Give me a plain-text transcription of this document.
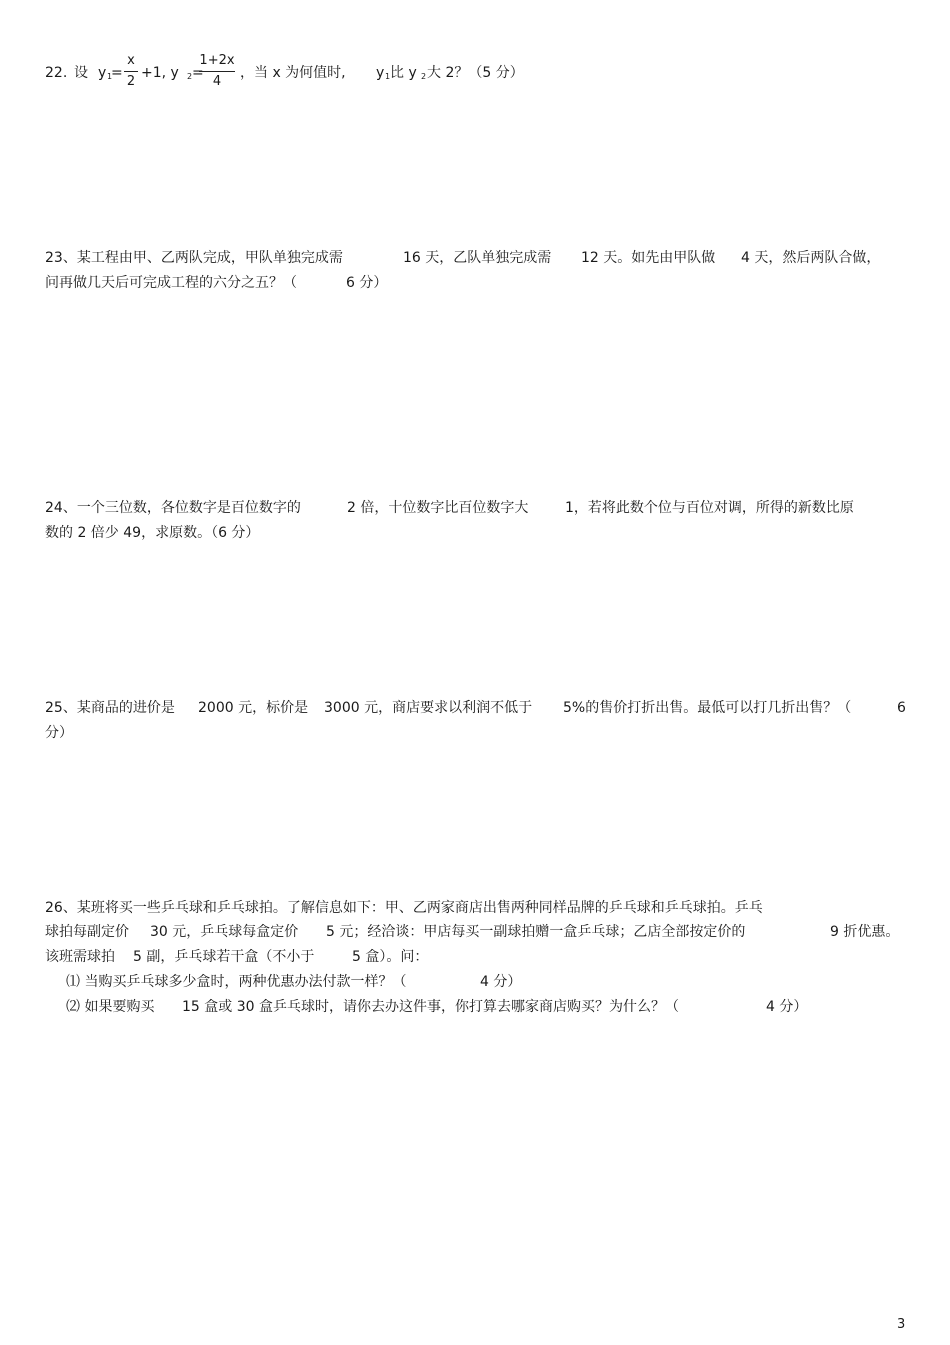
22. 设 y 1
=
x
2
+1, y 2 =
1+2x
4
，当 x 为何值时, y 1 比 y 2 大 2？（5 分）
23、某工程由甲、乙两队完成，甲队单独完成需	16 天，乙队单独完成需 12 天。如先由甲队做 4 天，然后两队合做，
问再做几天后可完成工程的六分之五？（	6 分）
24、一个三位数，各位数字是百位数字的	2 倍，十位数字比百位数字大	1，若将此数个位与百位对调，所得的新数比原
数的 2 倍少 49，求原数。（6 分）
25、某商品的进价是 2000 元，标价是 3000 元，商店要求以利润不低于 5%的售价打折出售。最低可以打几折出售？（	6
分）
26、某班将买一些乒乓球和乒乓球拍。了解信息如下：甲、乙两家商店出售两种同样品牌的乒乓球和乒乓球拍。乒乓
球拍每副定价 30 元，乒乓球每盒定价 5 元；经洽谈：甲店每买一副球拍赠一盒乒乓球；乙店全部按定价的	9 折优惠。
该班需球拍 5 副，乒乓球若干盒（不小于	5 盒）。问：
⑴ 当购买乒乓球多少盒时，两种优惠办法付款一样？（	4 分）
⑵ 如果要购买 15 盒或 30 盒乒乓球时，请你去办这件事，你打算去哪家商店购买？为什么？（	4 分）
3
